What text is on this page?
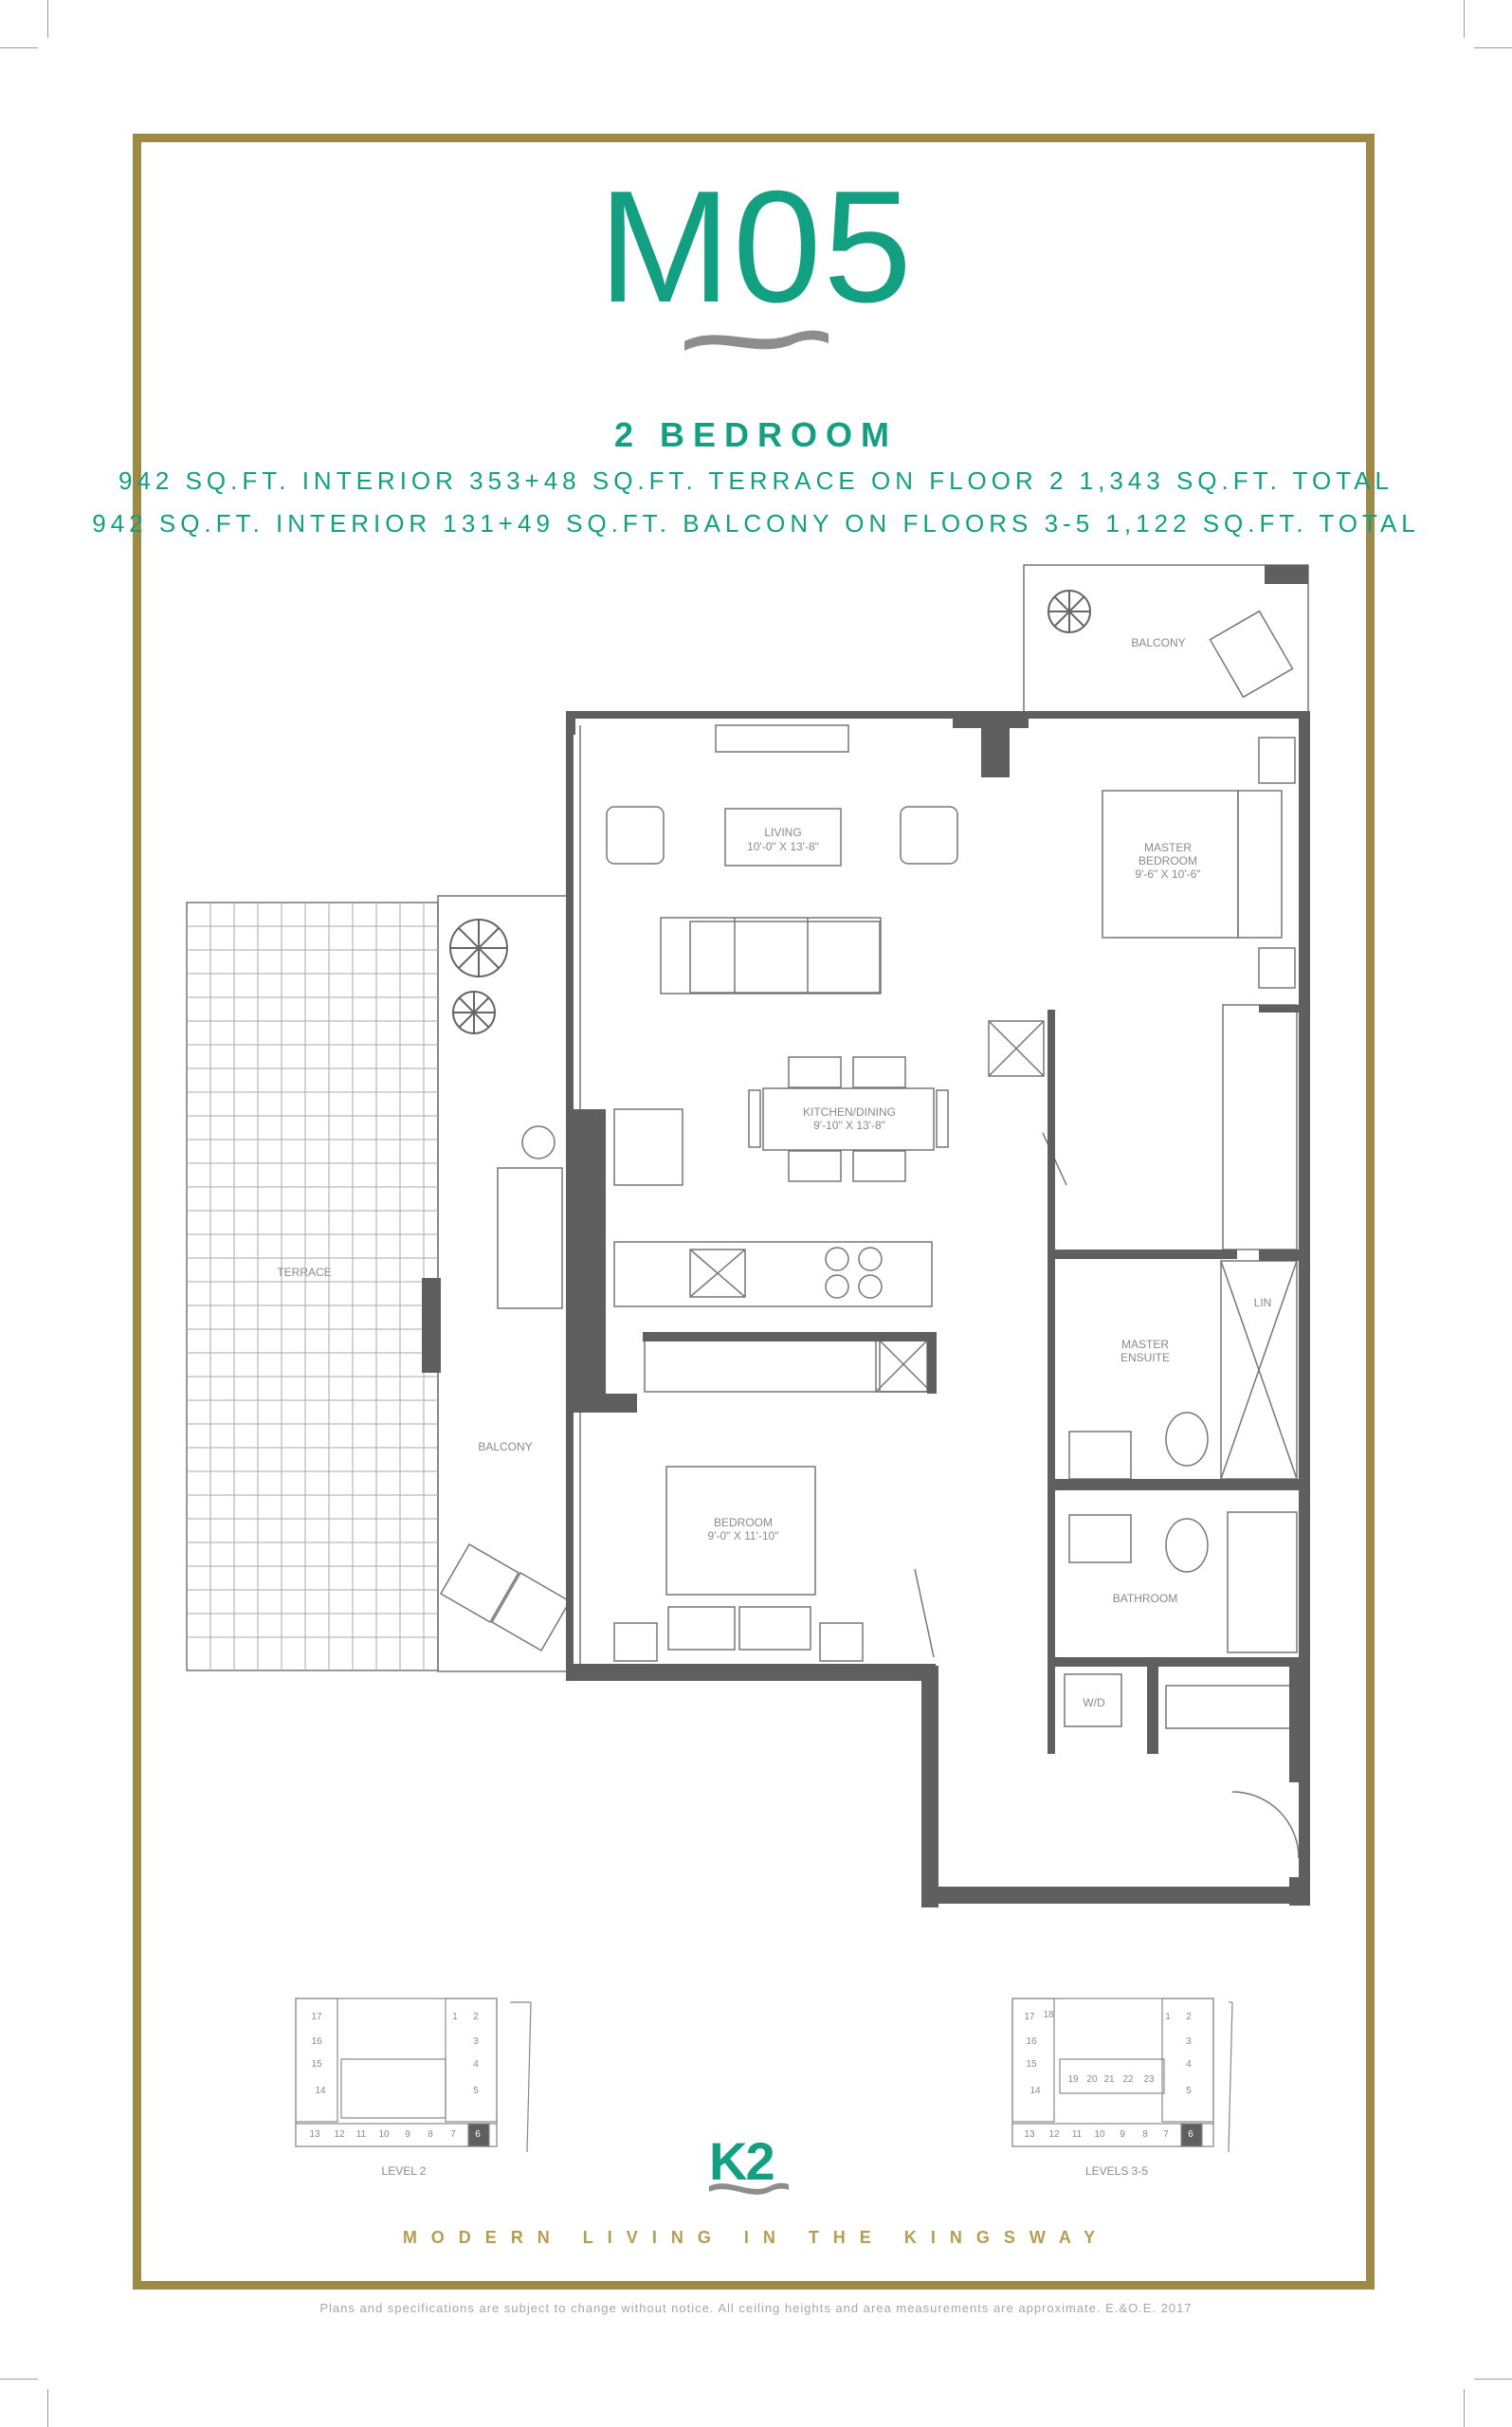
M05
2 BEDROOM
942 SQ.FT. INTERIOR 353+48 SQ.FT. TERRACE ON FLOOR 2 1,343 SQ.FT. TOTAL
942 SQ.FT. INTERIOR 131+49 SQ.FT. BALCONY ON FLOORS 3-5 1,122 SQ.FT. TOTAL
BALCONY
LIVING
10'-0" X 13'-8"	MASTER
BEDROOM
9'-6" X 10'-6"
KITCHEN/DINING
9'-10" X 13'-8"
TERRACE
BALCONY
LIN
MASTER
ENSUITE
BEDROOM
9'-0" X 11'-10"
BATHROOM
W/D
17
16
15
14
13 12 11 10 9 8 7 6
5
4
3
2
1	17 18
16
15
14
13 12 11 10 9 8 7 6
5
4
3
2
1
19 20 21 22 23
LEVEL 2	LEVELS 3-5
K2
MODERN LIVING IN THE KINGSWAY
Plans and specifications are subject to change without notice. All ceiling heights and area measurements are approximate. E.&O.E. 2017
